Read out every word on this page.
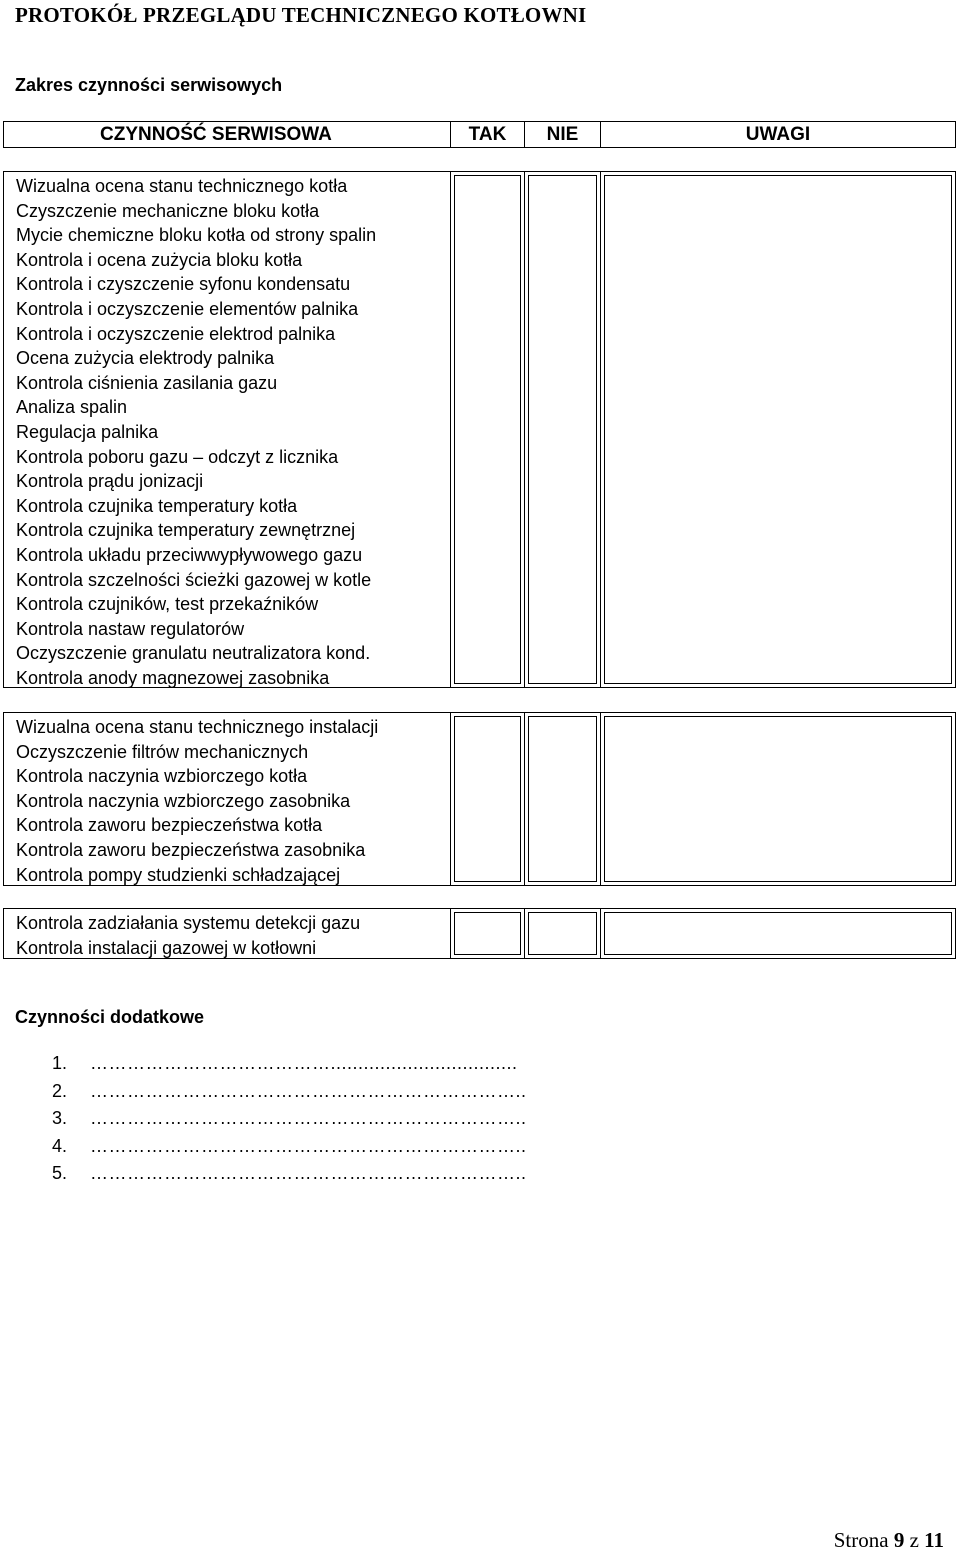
PROTOKÓŁ PRZEGLĄDU TECHNICZNEGO KOTŁOWNI
Zakres czynności serwisowych
CZYNNOŚĆ SERWISOWA	TAK	NIE	UWAGI
Wizualna ocena stanu technicznego kotła
Czyszczenie mechaniczne bloku kotła
Mycie chemiczne bloku kotła od strony spalin
Kontrola i ocena zużycia bloku kotła
Kontrola i czyszczenie syfonu kondensatu
Kontrola i oczyszczenie elementów palnika
Kontrola i oczyszczenie elektrod palnika
Ocena zużycia elektrody palnika
Kontrola ciśnienia zasilania gazu
Analiza spalin
Regulacja palnika
Kontrola poboru gazu – odczyt z licznika
Kontrola prądu jonizacji
Kontrola czujnika temperatury kotła
Kontrola czujnika temperatury zewnętrznej
Kontrola układu przeciwwypływowego gazu
Kontrola szczelności ścieżki gazowej w kotle
Kontrola czujników, test przekaźników
Kontrola nastaw regulatorów
Oczyszczenie granulatu neutralizatora kond.
Kontrola anody magnezowej zasobnika
Wizualna ocena stanu technicznego instalacji
Oczyszczenie filtrów mechanicznych
Kontrola naczynia wzbiorczego kotła
Kontrola naczynia wzbiorczego zasobnika
Kontrola zaworu bezpieczeństwa kotła
Kontrola zaworu bezpieczeństwa zasobnika
Kontrola pompy studzienki schładzającej
Kontrola zadziałania systemu detekcji gazu
Kontrola instalacji gazowej w kotłowni
Czynności dodatkowe
1. …………………………………..................................
2. ……………………………………………………………..
3. ……………………………………………………………..
4. ……………………………………………………………..
5. ……………………………………………………………..
Strona 9 z 11
